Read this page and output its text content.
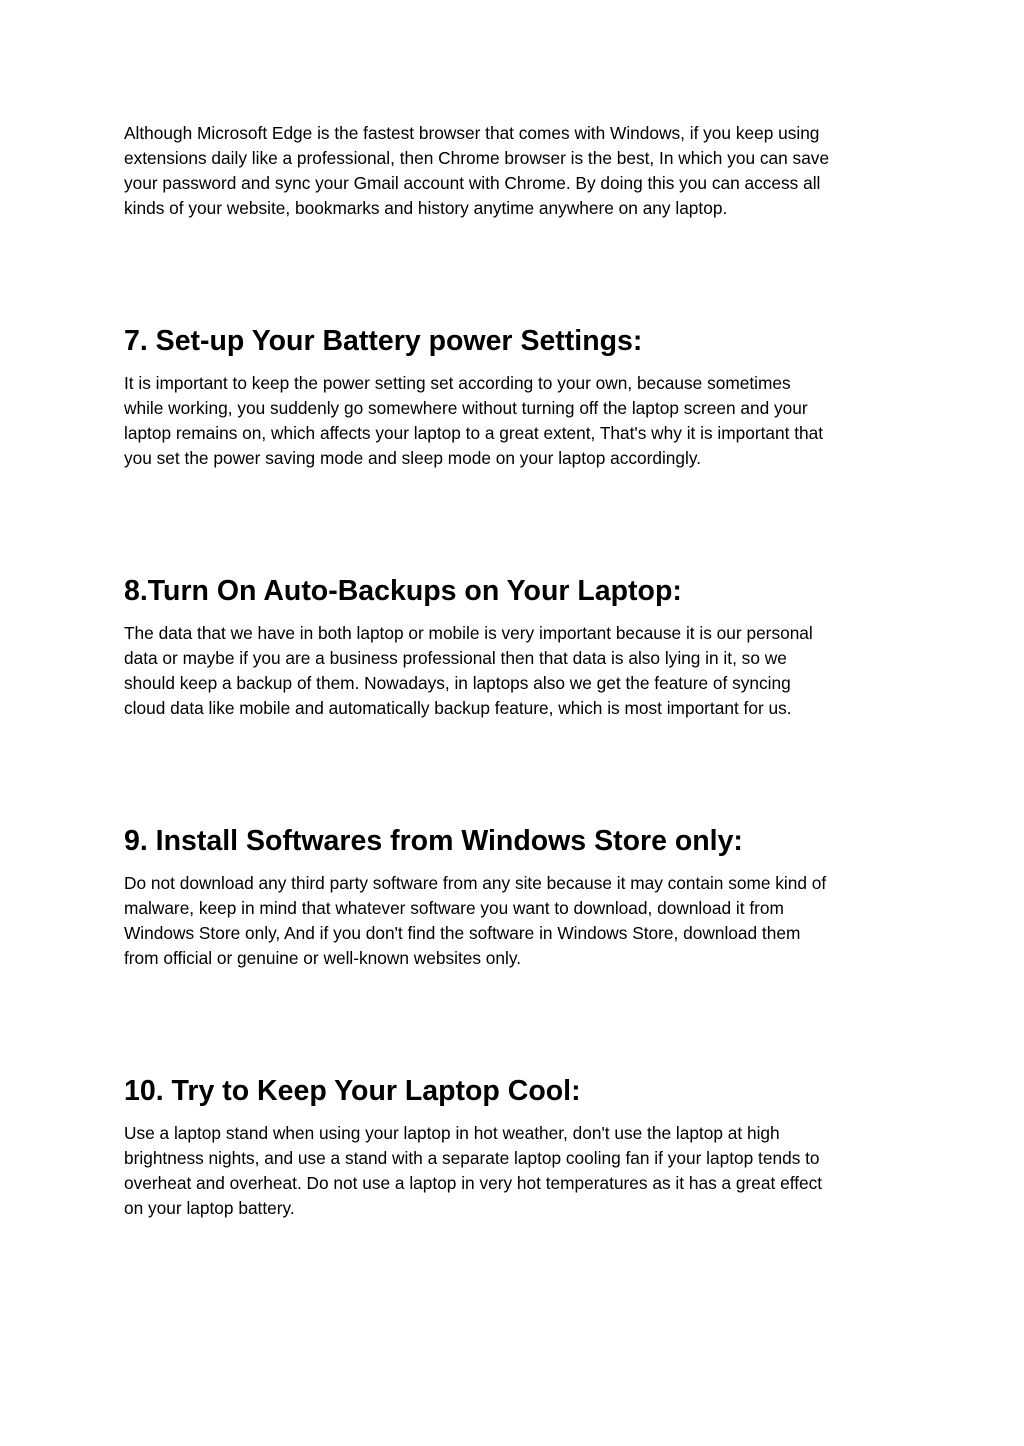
Although Microsoft Edge is the fastest browser that comes with Windows, if you keep using
extensions daily like a professional, then Chrome browser is the best, In which you can save
your password and sync your Gmail account with Chrome. By doing this you can access all
kinds of your website, bookmarks and history anytime anywhere on any laptop.

7. Set-up Your Battery power Settings:

It is important to keep the power setting set according to your own, because sometimes
while working, you suddenly go somewhere without turning off the laptop screen and your
laptop remains on, which affects your laptop to a great extent, That's why it is important that
you set the power saving mode and sleep mode on your laptop accordingly.

8.Turn On Auto-Backups on Your Laptop:

The data that we have in both laptop or mobile is very important because it is our personal
data or maybe if you are a business professional then that data is also lying in it, so we
should keep a backup of them. Nowadays, in laptops also we get the feature of syncing
cloud data like mobile and automatically backup feature, which is most important for us.

9. Install Softwares from Windows Store only:

Do not download any third party software from any site because it may contain some kind of
malware, keep in mind that whatever software you want to download, download it from
Windows Store only, And if you don't find the software in Windows Store, download them
from official or genuine or well-known websites only.

10. Try to Keep Your Laptop Cool:

Use a laptop stand when using your laptop in hot weather, don't use the laptop at high
brightness nights, and use a stand with a separate laptop cooling fan if your laptop tends to
overheat and overheat. Do not use a laptop in very hot temperatures as it has a great effect
on your laptop battery.
